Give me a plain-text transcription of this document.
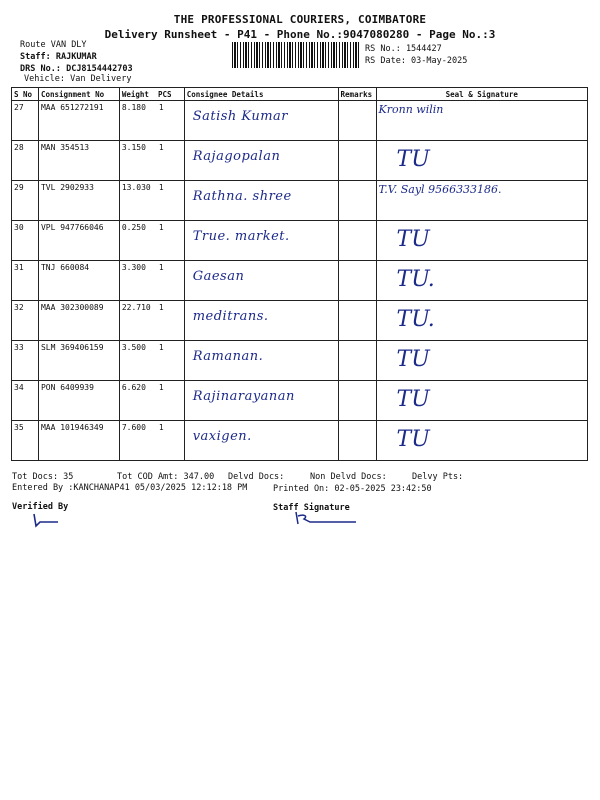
THE PROFESSIONAL COURIERS, COIMBATORE
Delivery Runsheet - P41 - Phone No.:9047080280 - Page No.:3
Route VAN DLY
Staff: RAJKUMAR
DRS No.: DCJ8154442703
Vehicle: Van Delivery
RS No.: 1544427
RS Date: 03-May-2025
S No	Consignment No	Weight PCS	Consignee Details	Remarks	Seal & Signature
27	MAA 651272191	8.180 1	Satish Kumar		Kronn wilin

28	MAN 354513	3.150 1	Rajagopalan		TU

29	TVL 2902933	13.030 1	Rathna. shree		T.V. Sayl 9566333186.

30	VPL 947766046	0.250 1	True. market.		TU

31	TNJ 660084	3.300 1	Gaesan		TU.

32	MAA 302300089	22.710 1	meditrans.		TU.

33	SLM 369406159	3.500 1	Ramanan.		TU

34	PON 6409939	6.620 1	Rajinarayanan		TU

35	MAA 101946349	7.600 1	vaxigen.		TU
Tot Docs: 35	Tot COD Amt: 347.00 Delvd Docs:	Non Delvd Docs:	Delvy Pts:
Entered By :KANCHANAP41 05/03/2025 12:12:18 PM	Printed On: 02-05-2025 23:42:50
Verified By	Staff Signature
